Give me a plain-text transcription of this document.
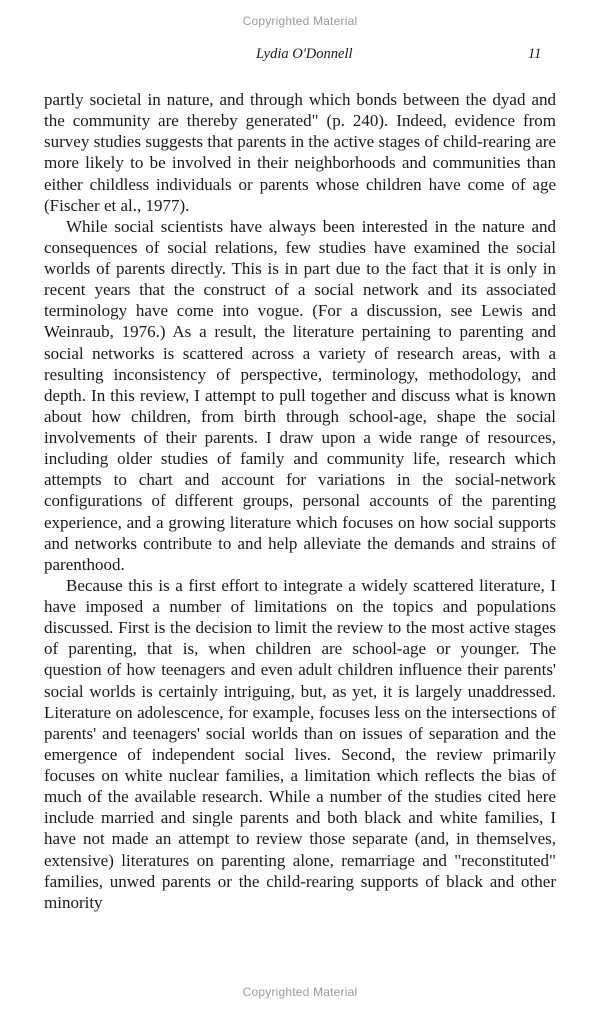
Copyrighted Material
Lydia O'Donnell	11

partly societal in nature, and through which bonds between the dyad and the community are thereby generated" (p. 240). Indeed, evidence from survey studies suggests that parents in the active stages of child-rearing are more likely to be involved in their neighborhoods and communities than either childless individuals or parents whose children have come of age (Fischer et al., 1977).

While social scientists have always been interested in the nature and consequences of social relations, few studies have examined the social worlds of parents directly. This is in part due to the fact that it is only in recent years that the construct of a social network and its associated terminology have come into vogue. (For a discussion, see Lewis and Weinraub, 1976.) As a result, the literature pertaining to parenting and social networks is scattered across a variety of research areas, with a resulting inconsistency of perspective, terminology, methodology, and depth. In this review, I attempt to pull together and discuss what is known about how children, from birth through school-age, shape the social involvements of their parents. I draw upon a wide range of resources, including older studies of family and community life, research which attempts to chart and account for variations in the social-network configurations of different groups, personal accounts of the parenting experience, and a growing literature which focuses on how social supports and networks contribute to and help alleviate the demands and strains of parenthood.

Because this is a first effort to integrate a widely scattered literature, I have imposed a number of limitations on the topics and populations discussed. First is the decision to limit the review to the most active stages of parenting, that is, when children are school-age or younger. The question of how teenagers and even adult children influence their parents' social worlds is certainly intriguing, but, as yet, it is largely unaddressed. Literature on adolescence, for example, focuses less on the intersections of parents' and teenagers' social worlds than on issues of separation and the emergence of independent social lives. Second, the review primarily focuses on white nuclear families, a limitation which reflects the bias of much of the available research. While a number of the studies cited here include married and single parents and both black and white families, I have not made an attempt to review those separate (and, in themselves, extensive) literatures on parenting alone, remarriage and "reconstituted" families, unwed parents or the child-rearing supports of black and other minority

Copyrighted Material
